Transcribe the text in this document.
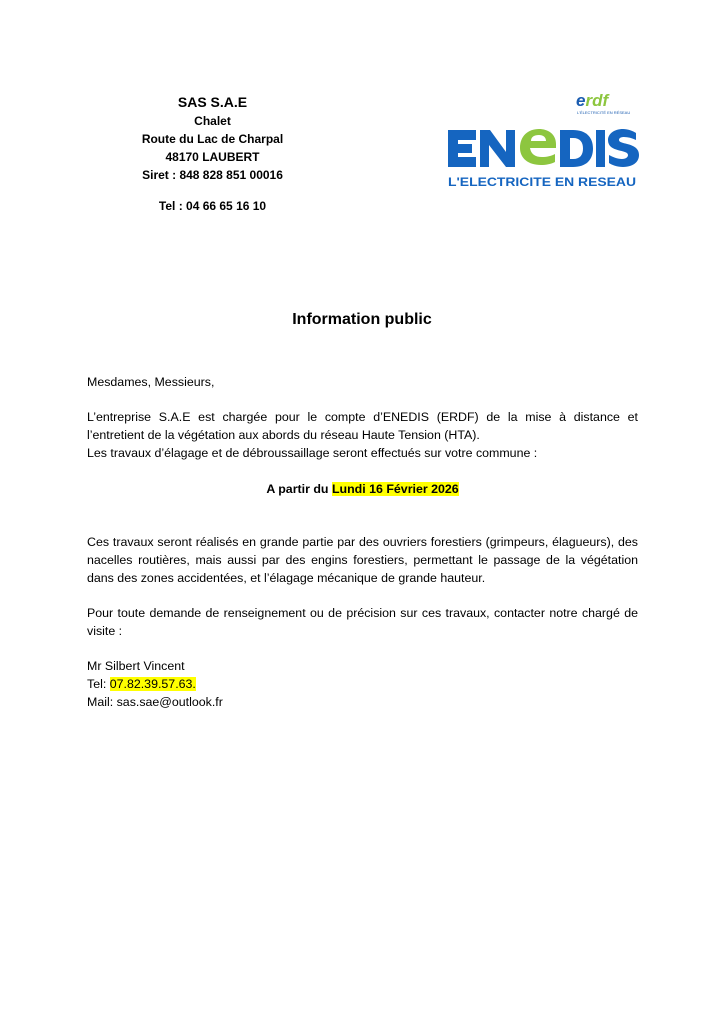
SAS S.A.E
Chalet
Route du Lac de Charpal
48170 LAUBERT
Siret : 848 828 851 00016
Tel : 04 66 65 16 10
erdf
L'ÉLECTRICITÉ EN RÉSEAU
L'ELECTRICITE EN RESEAU
Information public

Mesdames, Messieurs,

L’entreprise S.A.E est chargée pour le compte d’ENEDIS (ERDF) de la mise à distance et l’entretient de la végétation aux abords du réseau Haute Tension (HTA).

Les travaux d’élagage et de débroussaillage seront effectués sur votre commune :

A partir du Lundi 16 Février 2026

Ces travaux seront réalisés en grande partie par des ouvriers forestiers (grimpeurs, élagueurs), des nacelles routières, mais aussi par des engins forestiers, permettant le passage de la végétation dans des zones accidentées, et l’élagage mécanique de grande hauteur.

Pour toute demande de renseignement ou de précision sur ces travaux, contacter notre chargé de visite :

Mr Silbert Vincent

Tel: 07.82.39.57.63.

Mail: sas.sae@outlook.fr
